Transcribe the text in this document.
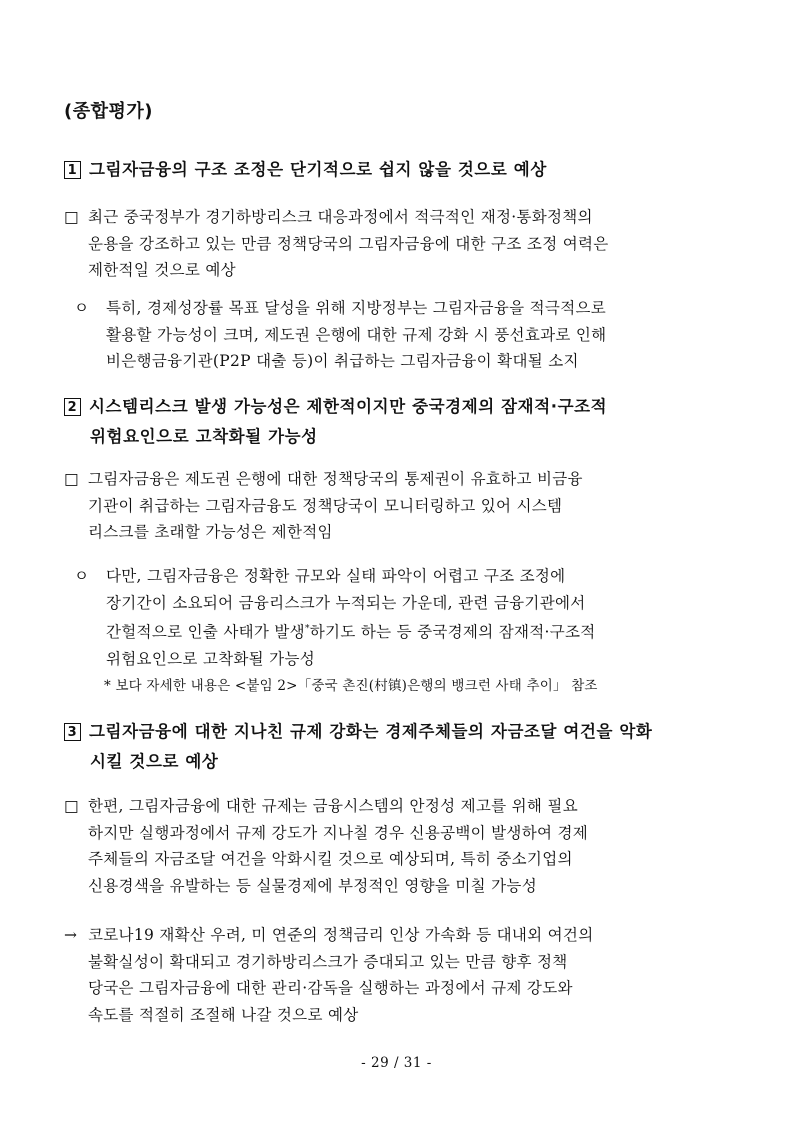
(종합평가)
1 그림자금융의 구조 조정은 단기적으로 쉽지 않을 것으로 예상
□ 최근 중국정부가 경기하방리스크 대응과정에서 적극적인 재정·통화정책의
운용을 강조하고 있는 만큼 정책당국의 그림자금융에 대한 구조 조정 여력은
제한적일 것으로 예상
ㅇ 특히, 경제성장률 목표 달성을 위해 지방정부는 그림자금융을 적극적으로
활용할 가능성이 크며, 제도권 은행에 대한 규제 강화 시 풍선효과로 인해
비은행금융기관(P2P 대출 등)이 취급하는 그림자금융이 확대될 소지
2 시스템리스크 발생 가능성은 제한적이지만 중국경제의 잠재적·구조적
위험요인으로 고착화될 가능성
□ 그림자금융은 제도권 은행에 대한 정책당국의 통제권이 유효하고 비금융
기관이 취급하는 그림자금융도 정책당국이 모니터링하고 있어 시스템
리스크를 초래할 가능성은 제한적임
ㅇ 다만, 그림자금융은 정확한 규모와 실태 파악이 어렵고 구조 조정에
장기간이 소요되어 금융리스크가 누적되는 가운데, 관련 금융기관에서
간헐적으로 인출 사태가 발생*하기도 하는 등 중국경제의 잠재적·구조적
위험요인으로 고착화될 가능성
* 보다 자세한 내용은 <붙임 2>「중국 촌진(村镇)은행의 뱅크런 사태 추이」 참조
3 그림자금융에 대한 지나친 규제 강화는 경제주체들의 자금조달 여건을 악화
시킬 것으로 예상
□ 한편, 그림자금융에 대한 규제는 금융시스템의 안정성 제고를 위해 필요
하지만 실행과정에서 규제 강도가 지나칠 경우 신용공백이 발생하여 경제
주체들의 자금조달 여건을 악화시킬 것으로 예상되며, 특히 중소기업의
신용경색을 유발하는 등 실물경제에 부정적인 영향을 미칠 가능성
→ 코로나19 재확산 우려, 미 연준의 정책금리 인상 가속화 등 대내외 여건의
불확실성이 확대되고 경기하방리스크가 증대되고 있는 만큼 향후 정책
당국은 그림자금융에 대한 관리·감독을 실행하는 과정에서 규제 강도와
속도를 적절히 조절해 나갈 것으로 예상
- 29 / 31 -
